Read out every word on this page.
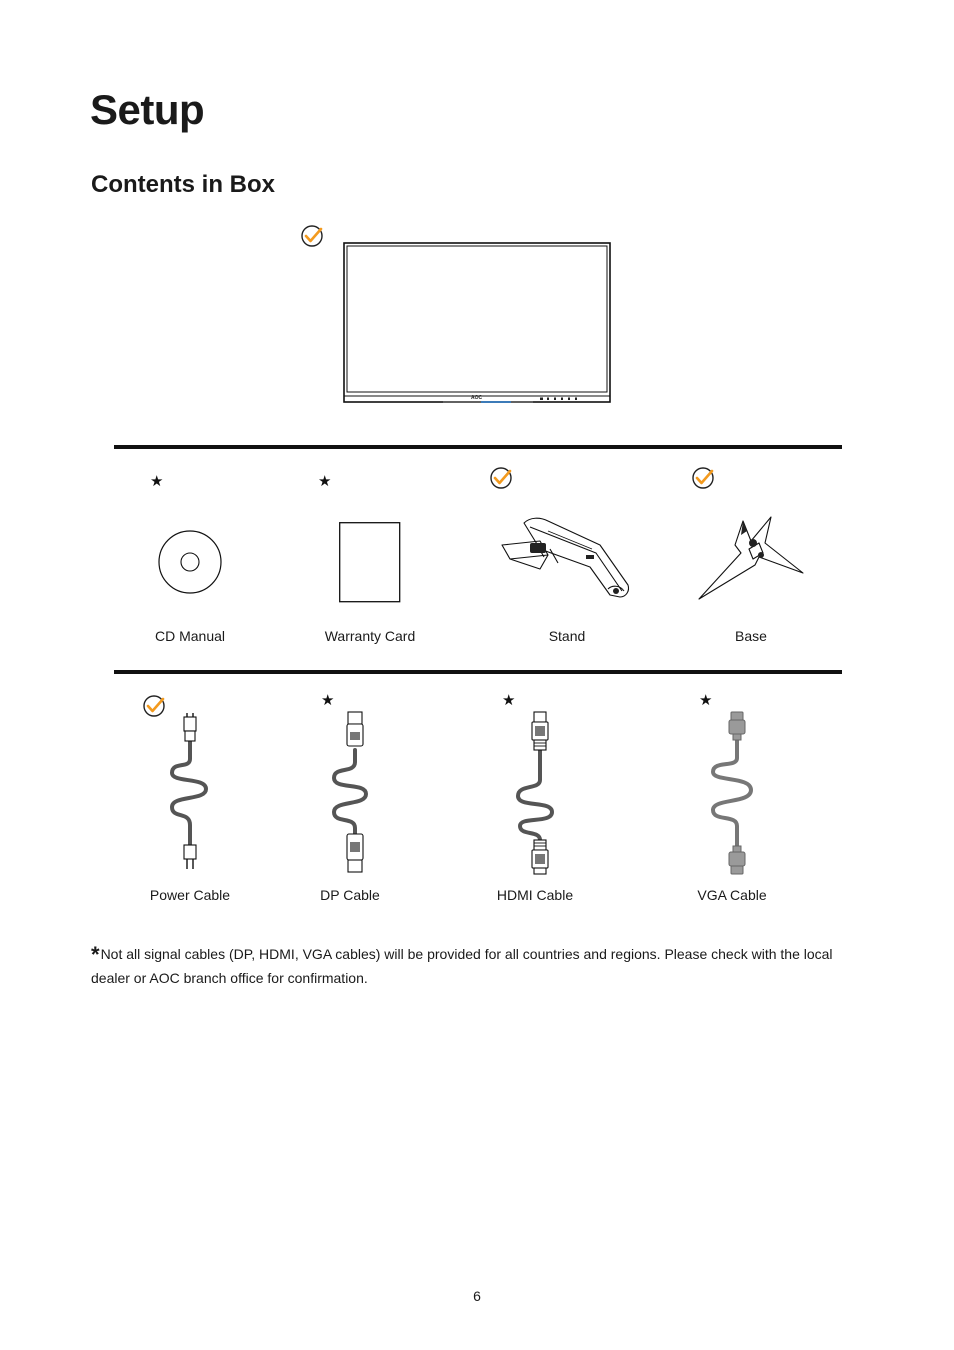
Setup
Contents in Box
AOC
★	★
CD Manual	Warranty Card	Stand	Base
★	★	★
Power Cable	DP Cable	HDMI Cable	VGA Cable
*Not all signal cables (DP, HDMI, VGA cables) will be provided for all countries and regions. Please check with the local dealer or AOC branch office for confirmation.
6
